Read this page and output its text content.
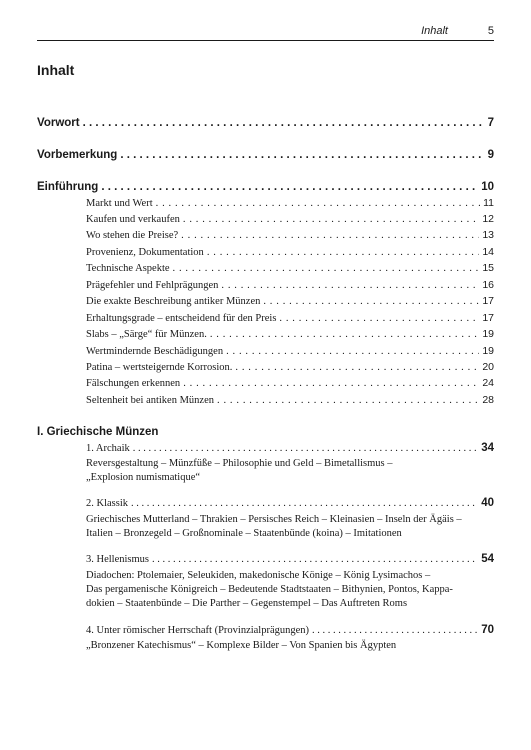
Inhalt	5
Inhalt
Vorwort . . .	7
Vorbemerkung . . .	9
Einführung . . .	10
Markt und Wert . . .	11
Kaufen und verkaufen . . .	12
Wo stehen die Preise? . . .	13
Provenienz, Dokumentation . . .	14
Technische Aspekte . . .	15
Prägefehler und Fehlprägungen . . .	16
Die exakte Beschreibung antiker Münzen . . .	17
Erhaltungsgrade – entscheidend für den Preis . . .	17
Slabs – „Särge“ für Münzen. . . .	19
Wertmindernde Beschädigungen . . .	19
Patina – wertsteigernde Korrosion. . . .	20
Fälschungen erkennen . . .	24
Seltenheit bei antiken Münzen . . .	28
I. Griechische Münzen
1. Archaik . . .	34
Reversgestaltung – Münzfüße – Philosophie und Geld – Bimetallismus –
„Explosion numismatique“
2. Klassik . . .	40
Griechisches Mutterland – Thrakien – Persisches Reich – Kleinasien – Inseln der Ägäis –
Italien – Bronzegeld – Großnominale – Staatenbünde (koina) – Imitationen
3. Hellenismus . . .	54
Diadochen: Ptolemaier, Seleukiden, makedonische Könige – König Lysimachos –
Das pergamenische Königreich – Bedeutende Stadtstaaten – Bithynien, Pontos, Kappa-
dokien – Staatenbünde – Die Parther – Gegenstempel – Das Auftreten Roms
4. Unter römischer Herrschaft (Provinzialprägungen) . . .	70
„Bronzener Katechismus“ – Komplexe Bilder – Von Spanien bis Ägypten
